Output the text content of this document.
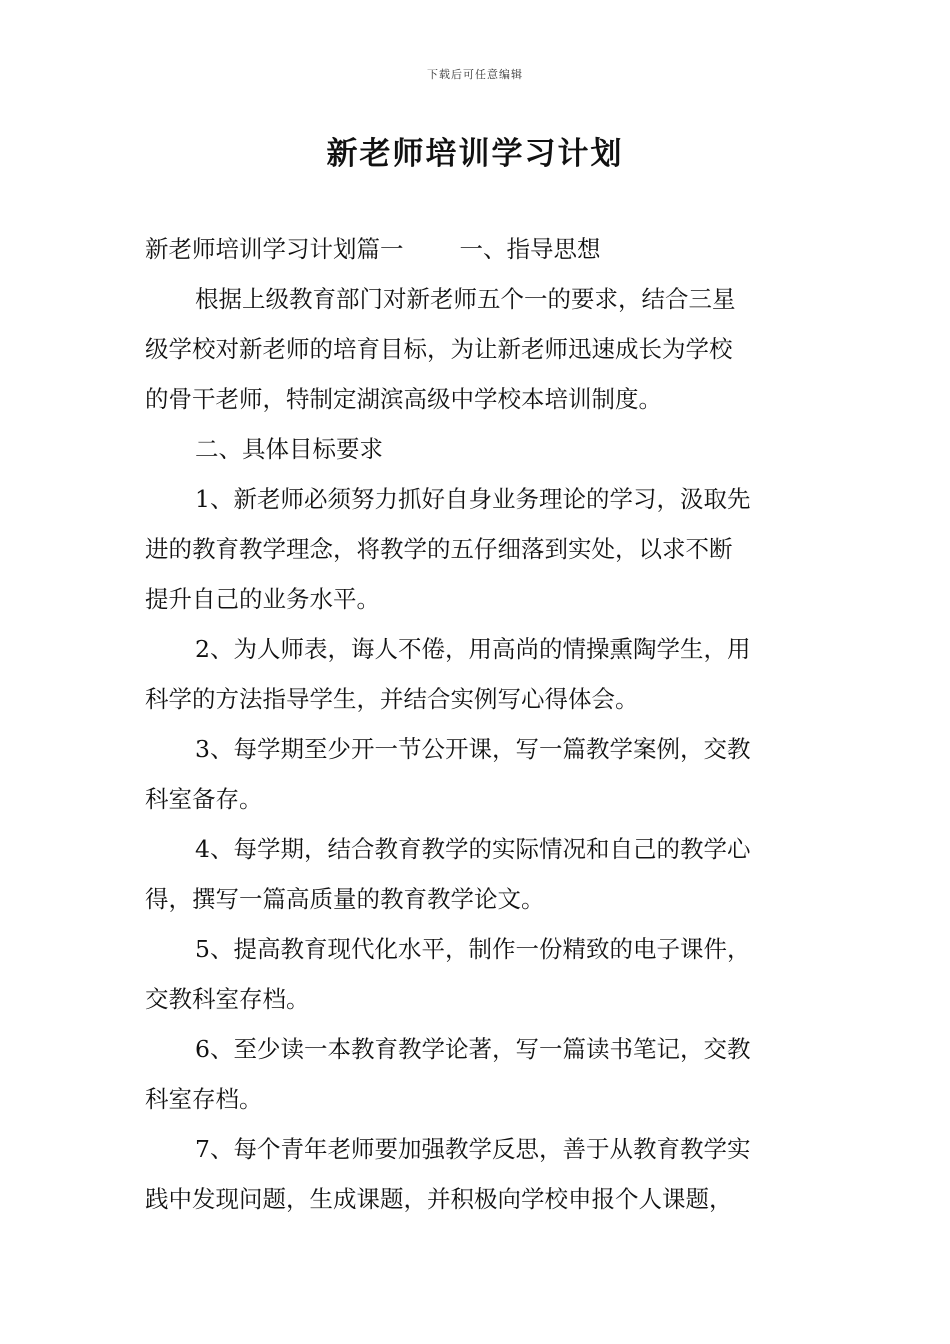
下载后可任意编辑
新老师培训学习计划
新老师培训学习计划篇一 一、指导思想
根据上级教育部门对新老师五个一的要求，结合三星
级学校对新老师的培育目标，为让新老师迅速成长为学校
的骨干老师，特制定湖滨高级中学校本培训制度。
二、具体目标要求
1、新老师必须努力抓好自身业务理论的学习，汲取先
进的教育教学理念，将教学的五仔细落到实处，以求不断
提升自己的业务水平。
2、为人师表，诲人不倦，用高尚的情操熏陶学生，用
科学的方法指导学生，并结合实例写心得体会。
3、每学期至少开一节公开课，写一篇教学案例，交教
科室备存。
4、每学期，结合教育教学的实际情况和自己的教学心
得，撰写一篇高质量的教育教学论文。
5、提高教育现代化水平，制作一份精致的电子课件，
交教科室存档。
6、至少读一本教育教学论著，写一篇读书笔记，交教
科室存档。
7、每个青年老师要加强教学反思，善于从教育教学实
践中发现问题，生成课题，并积极向学校申报个人课题，
